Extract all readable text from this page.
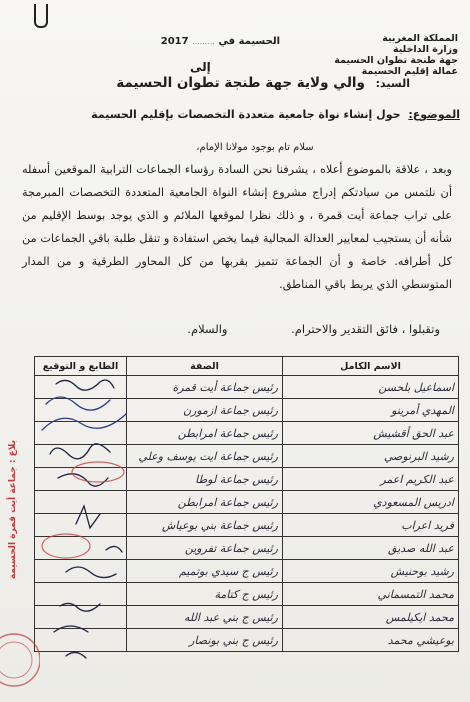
المملكة المغربية
وزارة الداخلية
جهة طنجة تطوان الحسيمة
عمالة إقليم الحسيمة
الحسيمة في ......... 2017
إلى
السيد: والي ولاية جهة طنجة تطوان الحسيمة
الموضوع: حول إنشاء نواة جامعية متعددة التخصصات بإقليم الحسيمة
سلام تام بوجود مولانا الإمام،
وبعد ، علاقة بالموضوع أعلاه ، يشرفنا نحن السادة رؤساء الجماعات الترابية الموقعين أسفله أن نلتمس من سيادتكم إدراج مشروع إنشاء النواة الجامعية المتعددة التخصصات المبرمجة على تراب جماعة أيت قمرة ، و ذلك نظرا لموقعها الملائم و الذي يوجد بوسط الإقليم من شأنه أن يستجيب لمعايير العدالة المجالية فيما يخص استفادة و تنقل طلبة باقي الجماعات من كل أطرافه. خاصة و أن الجماعة تتميز بقربها من كل المحاور الطرقية و من المدار المتوسطي الذي يربط باقي المناطق.
وتقبلوا ، فائق التقدير والاحترام. والسلام.
الاسم الكامل	الصفة	الطابع و التوقيع
اسماعيل بلحسن	رئيس جماعة أيت قمرة	
المهدي أمرينو	رئيس جماعة ازمورن	
عبد الحق أقشيش	رئيس جماعة امرابطن	
رشيد البرنوصي	رئيس جماعة ايت يوسف وعلي	
عبد الكريم اعمر	رئيس جماعة لوطا	
ادريس المسعودي	رئيس جماعة امرابطن	
فريد اعراب	رئيس جماعة بني بوعياش	
عبد الله صديق	رئيس جماعة تفروين	
رشيد بوحنيش	رئيس ج سيدي بوتميم	
محمد التمسماني	رئيس ج كتامة	
محمد ايكيلمس	رئيس ج بني عبد الله	
بوعيشي محمد	رئيس ج بني بونصار	
بلاغ : جماعة أيت قمرة الحسيمة
